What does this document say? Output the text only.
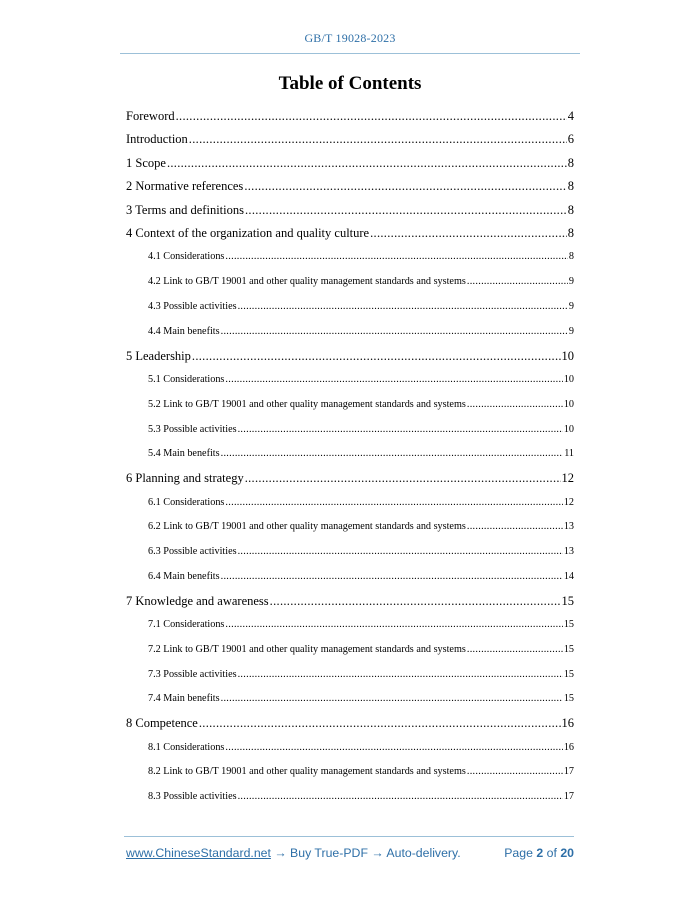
GB/T 19028-2023
Table of Contents
Foreword .....	4
Introduction .....	6
1 Scope .....	8
2 Normative references .....	8
3 Terms and definitions .....	8
4 Context of the organization and quality culture .....	8
4.1 Considerations .....	8
4.2 Link to GB/T 19001 and other quality management standards and systems .....	9
4.3 Possible activities .....	9
4.4 Main benefits .....	9
5 Leadership .....	10
5.1 Considerations .....	10
5.2 Link to GB/T 19001 and other quality management standards and systems .....	10
5.3 Possible activities .....	10
5.4 Main benefits .....	11
6 Planning and strategy .....	12
6.1 Considerations .....	12
6.2 Link to GB/T 19001 and other quality management standards and systems .....	13
6.3 Possible activities .....	13
6.4 Main benefits .....	14
7 Knowledge and awareness .....	15
7.1 Considerations .....	15
7.2 Link to GB/T 19001 and other quality management standards and systems .....	15
7.3 Possible activities .....	15
7.4 Main benefits .....	15
8 Competence .....	16
8.1 Considerations .....	16
8.2 Link to GB/T 19001 and other quality management standards and systems .....	17
8.3 Possible activities .....	17
www.ChineseStandard.net → Buy True-PDF → Auto-delivery.	Page 2 of 20
